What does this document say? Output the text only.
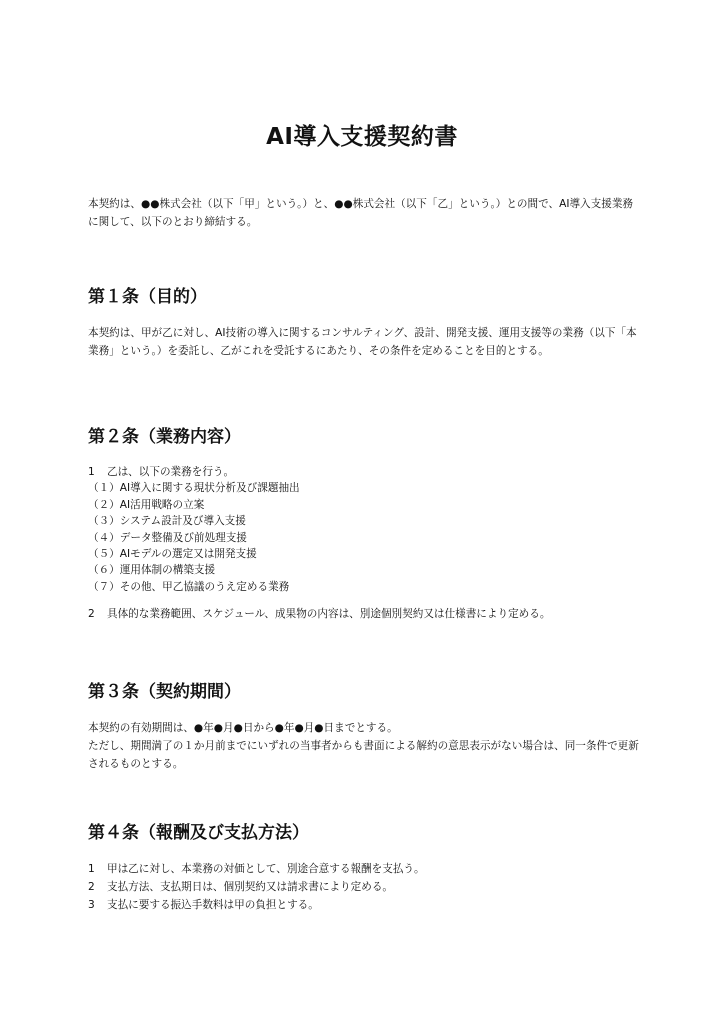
AI導入支援契約書

本契約は、●●株式会社（以下「甲」という。）と、●●株式会社（以下「乙」という。）との間で、AI導入支援業務に関して、以下のとおり締結する。

第１条（目的）

本契約は、甲が乙に対し、AI技術の導入に関するコンサルティング、設計、開発支援、運用支援等の業務（以下「本業務」という。）を委託し、乙がこれを受託するにあたり、その条件を定めることを目的とする。

第２条（業務内容）
1 乙は、以下の業務を行う。
（１）AI導入に関する現状分析及び課題抽出
（２）AI活用戦略の立案
（３）システム設計及び導入支援
（４）データ整備及び前処理支援
（５）AIモデルの選定又は開発支援
（６）運用体制の構築支援
（７）その他、甲乙協議のうえ定める業務
2 具体的な業務範囲、スケジュール、成果物の内容は、別途個別契約又は仕様書により定める。
第３条（契約期間）

本契約の有効期間は、●年●月●日から●年●月●日までとする。

ただし、期間満了の１か月前までにいずれの当事者からも書面による解約の意思表示がない場合は、同一条件で更新されるものとする。

第４条（報酬及び支払方法）
1 甲は乙に対し、本業務の対価として、別途合意する報酬を支払う。
2 支払方法、支払期日は、個別契約又は請求書により定める。
3 支払に要する振込手数料は甲の負担とする。
